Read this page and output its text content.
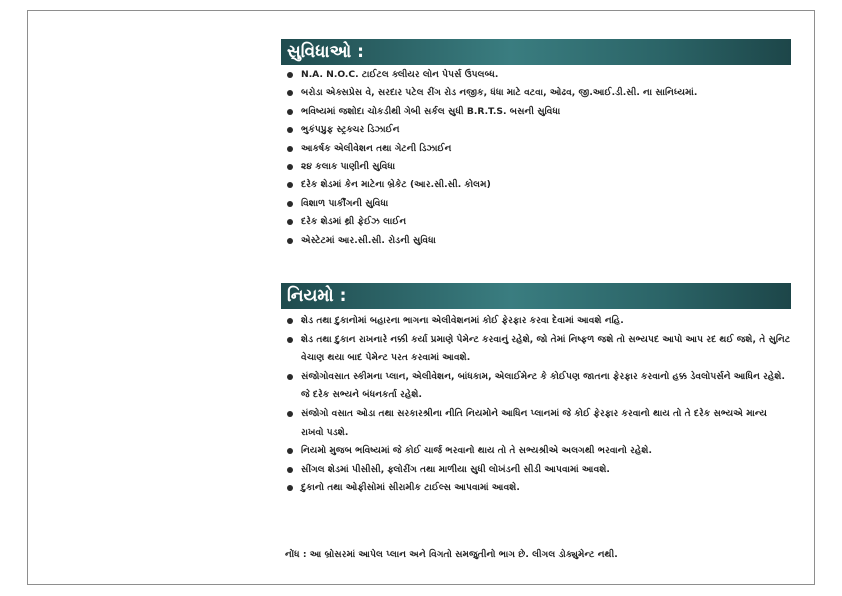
સુવિધાઓ :
N.A. N.O.C. ટાઈટલ ક્લીયર લોન પેપર્સ ઉપલબ્ધ.
બરોડા એક્સપ્રેસ વે, સરદાર પટેલ રીંગ રોડ નજીક, ધંધા માટે વટવા, ઓઢવ, જી.આઈ.ડી.સી. ના સાનિધ્યમાં.
ભવિષ્યમાં જશોદા ચોકડીથી ગેબી સર્કલ સુધી B.R.T.S. બસની સુવિધા
ભુકંપપ્રુફ સ્ટ્રક્ચર ડિઝાઈન
આકર્ષક એલીવેશન તથા ગેટની ડિઝાઈન
૨૪ કલાક પાણીની સુવિધા
દરેક શેડમાં કેન માટેના બ્રેકેટ (આર.સી.સી. કોલમ)
વિશાળ પાર્કીંગની સુવિધા
દરેક શેડમાં થ્રી ફેઈઝ લાઈન
એસ્ટેટમાં આર.સી.સી. રોડની સુવિધા
નિયમો :
શેડ તથા દુકાનોમાં બહારના ભાગના એલીવેશનમાં કોઈ ફેરફાર કરવા દેવામાં આવશે નહિ.
શેડ તથા દુકાન રાખનારે નક્કી કર્યા પ્રમાણે પેમેન્ટ કરવાનું રહેશે, જો તેમાં નિષ્ફળ જશે તો સભ્યપદ આપો આપ રદ થઈ જશે, તે સુનિટ વેચાણ થયા બાદ પેમેન્ટ પરત કરવામાં આવશે.
સંજોગોવસાત સ્કીમના પ્લાન, એલીવેશન, બાંધકામ, એલાઈમેન્ટ કે કોઈપણ જાતના ફેરફાર કરવાનો હક્ક ડેવલોપર્સને આધિન રહેશે. જે દરેક સભ્યને બંધનકર્તા રહેશે.
સંજોગો વસાત ઓડા તથા સરકારશ્રીના નીતિ નિયમોને આધિન પ્લાનમાં જે કોઈ ફેરફાર કરવાનો થાય તો તે દરેક સભ્યએ માન્ય રાખવો પડશે.
નિયમો મુજબ ભવિષ્યમાં જે કોઈ ચાર્જ ભરવાનો થાય તો તે સભ્યશ્રીએ અલગથી ભરવાનો રહેશે.
સીંગલ શેડમાં પીસીસી, ફ્લોરીંગ તથા માળીયા સુધી લોખંડની સીડી આપવામાં આવશે.
દુકાનો તથા ઓફીસોમાં સીરામીક ટાઈલ્સ આપવામાં આવશે.
નોંધ : આ બ્રોસરમાં આપેલ પ્લાન અને વિગતો સમજુતીનો ભાગ છે. લીગલ ડોક્યુમેન્ટ નથી.
